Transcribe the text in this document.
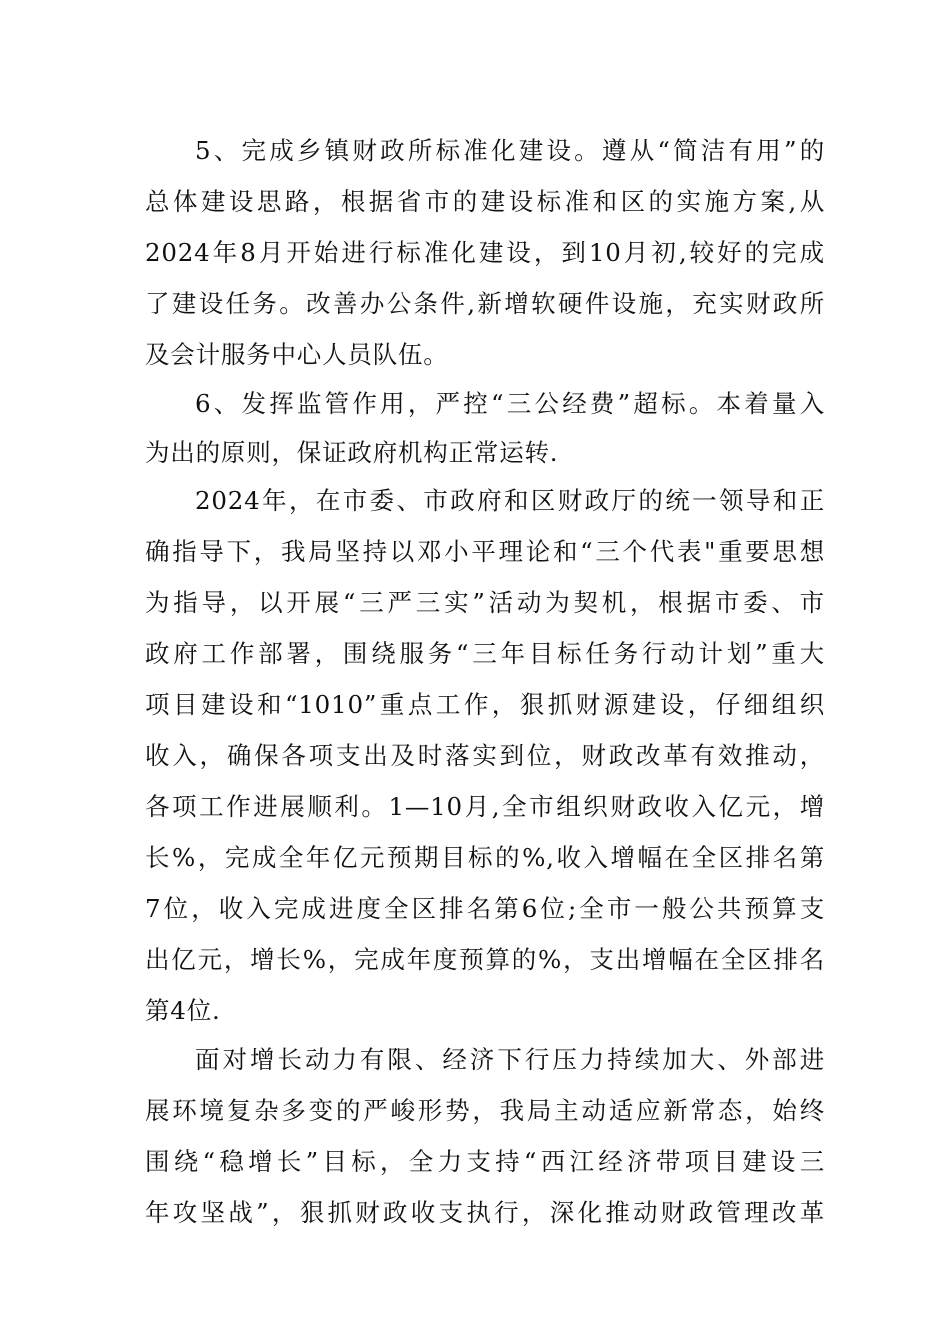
5、完成乡镇财政所标准化建设。遵从“简洁有用”的
总体建设思路，根据省市的建设标准和区的实施方案,从
2024年8月开始进行标准化建设，到10月初,较好的完成
了建设任务。改善办公条件,新增软硬件设施，充实财政所
及会计服务中心人员队伍。
6、发挥监管作用，严控“三公经费”超标。本着量入
为出的原则，保证政府机构正常运转.
2024年，在市委、市政府和区财政厅的统一领导和正
确指导下，我局坚持以邓小平理论和“三个代表"重要思想
为指导，以开展“三严三实”活动为契机，根据市委、市
政府工作部署，围绕服务“三年目标任务行动计划”重大
项目建设和“1010”重点工作，狠抓财源建设，仔细组织
收入，确保各项支出及时落实到位，财政改革有效推动，
各项工作进展顺利。1—10月,全市组织财政收入亿元，增
长%，完成全年亿元预期目标的%,收入增幅在全区排名第
7位，收入完成进度全区排名第6位;全市一般公共预算支
出亿元，增长%，完成年度预算的%，支出增幅在全区排名
第4位.
面对增长动力有限、经济下行压力持续加大、外部进
展环境复杂多变的严峻形势，我局主动适应新常态，始终
围绕“稳增长”目标，全力支持“西江经济带项目建设三
年攻坚战”，狠抓财政收支执行，深化推动财政管理改革
